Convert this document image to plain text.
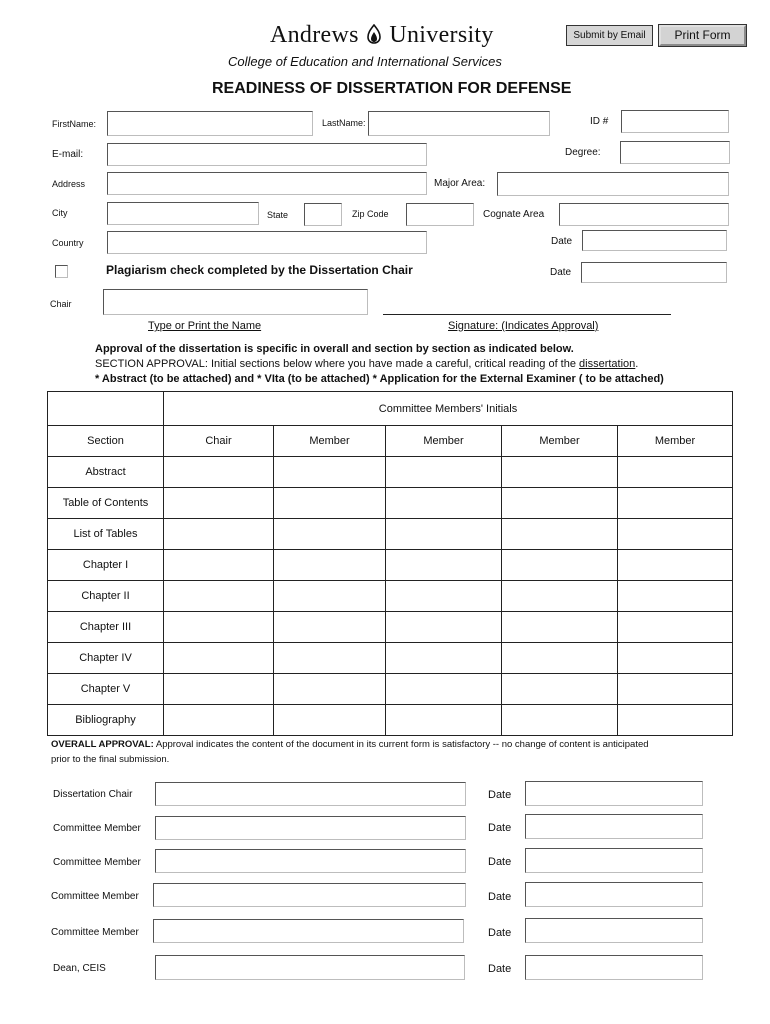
Andrews University
College of Education and International Services
READINESS OF DISSERTATION FOR DEFENSE
Submit by Email	Print Form
FirstName:	LastName:	ID #
E-mail:	Degree:
Address	Major Area:
City	State	Zip Code	Cognate Area
Country	Date
Plagiarism check completed by the Dissertation Chair	Date
Chair
Type or Print the Name	Signature: (Indicates Approval)
Approval of the dissertation is specific in overall and section by section as indicated below.
SECTION APPROVAL: Initial sections below where you have made a careful, critical reading of the dissertation.
* Abstract (to be attached) and * VIta (to be attached) * Application for the External Examiner ( to be attached)
	Committee Members' Initials				
Section	Chair	Member	Member	Member	Member
Abstract					
Table of Contents					
List of Tables					
Chapter I					
Chapter II					
Chapter III					
Chapter IV					
Chapter V					
Bibliography					
OVERALL APPROVAL: Approval indicates the content of the document in its current form is satisfactory -- no change of content is anticipated
prior to the final submission.
Dissertation Chair	Date
Committee Member	Date
Committee Member	Date
Committee Member	Date
Committee Member	Date
Dean, CEIS	Date
